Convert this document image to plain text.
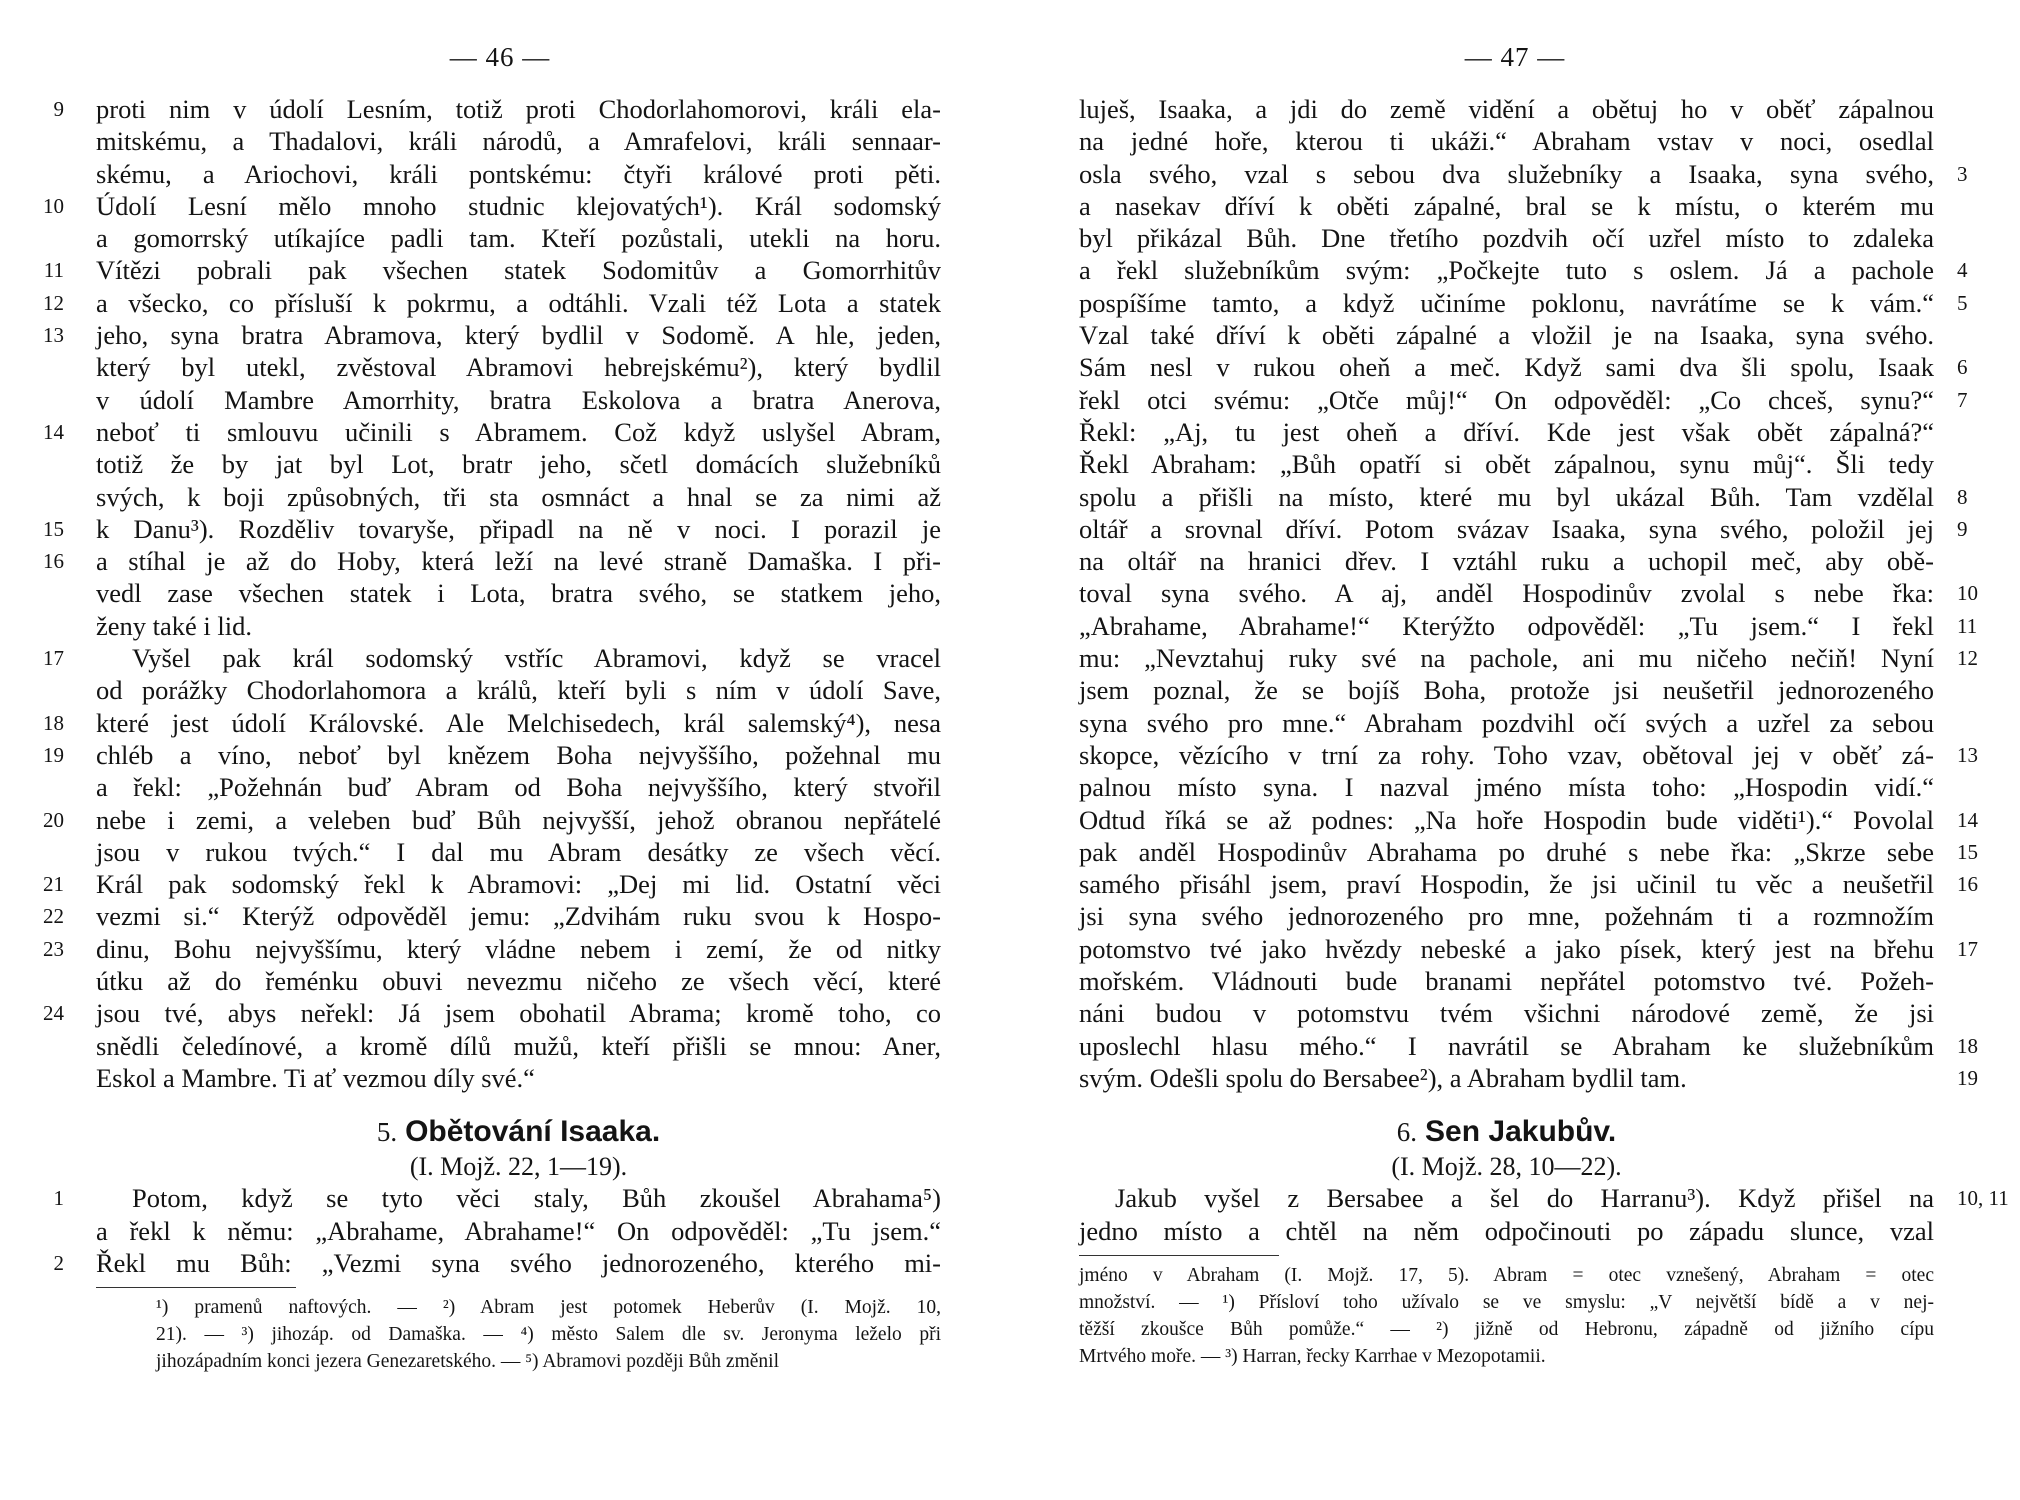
— 46 —
proti nim v údolí Lesním, totiž proti Chodorlahomorovi, králi ela-
9
mitskému, a Thadalovi, králi národů, a Amrafelovi, králi sennaar-
skému, a Ariochovi, králi pontskému: čtyři králové proti pěti.
Údolí Lesní mělo mnoho studnic klejovatých¹). Král sodomský
10
a gomorrský utíkajíce padli tam. Kteří pozůstali, utekli na horu.
Vítězi pobrali pak všechen statek Sodomitův a Gomorrhitův
11
a všecko, co přísluší k pokrmu, a odtáhli. Vzali též Lota a statek
12
jeho, syna bratra Abramova, který bydlil v Sodomě. A hle, jeden,
13
který byl utekl, zvěstoval Abramovi hebrejskému²), který bydlil
v údolí Mambre Amorrhity, bratra Eskolova a bratra Anerova,
neboť ti smlouvu učinili s Abramem. Což když uslyšel Abram,
14
totiž že by jat byl Lot, bratr jeho, sčetl domácích služebníků
svých, k boji způsobných, tři sta osmnáct a hnal se za nimi až
k Danu³). Rozděliv tovaryše, připadl na ně v noci. I porazil je
15
a stíhal je až do Hoby, která leží na levé straně Damaška. I při-
16
vedl zase všechen statek i Lota, bratra svého, se statkem jeho,
ženy také i lid.
Vyšel pak král sodomský vstříc Abramovi, když se vracel
17
od porážky Chodorlahomora a králů, kteří byli s ním v údolí Save,
které jest údolí Královské. Ale Melchisedech, král salemský⁴), nesa
18
chléb a víno, neboť byl knězem Boha nejvyššího, požehnal mu
19
a řekl: „Požehnán buď Abram od Boha nejvyššího, který stvořil
nebe i zemi, a veleben buď Bůh nejvyšší, jehož obranou nepřátelé
20
jsou v rukou tvých.“ I dal mu Abram desátky ze všech věcí.
Král pak sodomský řekl k Abramovi: „Dej mi lid. Ostatní věci
21
vezmi si.“ Kterýž odpověděl jemu: „Zdvihám ruku svou k Hospo-
22
dinu, Bohu nejvyššímu, který vládne nebem i zemí, že od nitky
23
útku až do řeménku obuvi nevezmu ničeho ze všech věcí, které
jsou tvé, abys neřekl: Já jsem obohatil Abrama; kromě toho, co
24
snědli čeledínové, a kromě dílů mužů, kteří přišli se mnou: Aner,
Eskol a Mambre. Ti ať vezmou díly své.“
5. Obětování Isaaka.
(I. Mojž. 22, 1—19).
Potom, když se tyto věci staly, Bůh zkoušel Abrahama⁵)
1
a řekl k němu: „Abrahame, Abrahame!“ On odpověděl: „Tu jsem.“
Řekl mu Bůh: „Vezmi syna svého jednorozeného, kterého mi-
2
¹) pramenů naftových. — ²) Abram jest potomek Heberův (I. Mojž. 10,
21). — ³) jihozáp. od Damaška. — ⁴) město Salem dle sv. Jeronyma leželo při
jihozápadním konci jezera Genezaretského. — ⁵) Abramovi později Bůh změnil
— 47 —
luješ, Isaaka, a jdi do země vidění a obětuj ho v oběť zápalnou
na jedné hoře, kterou ti ukáži.“ Abraham vstav v noci, osedlal
osla svého, vzal s sebou dva služebníky a Isaaka, syna svého, 3
a nasekav dříví k oběti zápalné, bral se k místu, o kterém mu
byl přikázal Bůh. Dne třetího pozdvih očí uzřel místo to zdaleka
a řekl služebníkům svým: „Počkejte tuto s oslem. Já a pachole 4
pospíšíme tamto, a když učiníme poklonu, navrátíme se k vám.“ 5
Vzal také dříví k oběti zápalné a vložil je na Isaaka, syna svého.
Sám nesl v rukou oheň a meč. Když sami dva šli spolu, Isaak 6
řekl otci svému: „Otče můj!“ On odpověděl: „Co chceš, synu?“ 7
Řekl: „Aj, tu jest oheň a dříví. Kde jest však obět zápalná?“
Řekl Abraham: „Bůh opatří si obět zápalnou, synu můj“. Šli tedy
spolu a přišli na místo, které mu byl ukázal Bůh. Tam vzdělal 8
oltář a srovnal dříví. Potom svázav Isaaka, syna svého, položil jej 9
na oltář na hranici dřev. I vztáhl ruku a uchopil meč, aby obě-
toval syna svého. A aj, anděl Hospodinův zvolal s nebe řka: 10
„Abrahame, Abrahame!“ Kterýžto odpověděl: „Tu jsem.“ I řekl 11
mu: „Nevztahuj ruky své na pachole, ani mu ničeho nečiň! Nyní 12
jsem poznal, že se bojíš Boha, protože jsi neušetřil jednorozeného
syna svého pro mne.“ Abraham pozdvihl očí svých a uzřel za sebou
skopce, vězícího v trní za rohy. Toho vzav, obětoval jej v oběť zá- 13
palnou místo syna. I nazval jméno místa toho: „Hospodin vidí.“
Odtud říká se až podnes: „Na hoře Hospodin bude viděti¹).“ Povolal 14
pak anděl Hospodinův Abrahama po druhé s nebe řka: „Skrze sebe 15
samého přisáhl jsem, praví Hospodin, že jsi učinil tu věc a neušetřil 16
jsi syna svého jednorozeného pro mne, požehnám ti a rozmnožím
potomstvo tvé jako hvězdy nebeské a jako písek, který jest na břehu 17
mořském. Vládnouti bude branami nepřátel potomstvo tvé. Požeh-
náni budou v potomstvu tvém všichni národové země, že jsi
uposlechl hlasu mého.“ I navrátil se Abraham ke služebníkům 18
svým. Odešli spolu do Bersabee²), a Abraham bydlil tam.	19
6. Sen Jakubův.
(I. Mojž. 28, 10—22).
Jakub vyšel z Bersabee a šel do Harranu³). Když přišel na 10, 11
jedno místo a chtěl na něm odpočinouti po západu slunce, vzal
jméno v Abraham (I. Mojž. 17, 5). Abram = otec vznešený, Abraham = otec
množství. — ¹) Přísloví toho užívalo se ve smyslu: „V největší bídě a v nej-
těžší zkoušce Bůh pomůže.“ — ²) jižně od Hebronu, západně od jižního cípu
Mrtvého moře. — ³) Harran, řecky Karrhae v Mezopotamii.
